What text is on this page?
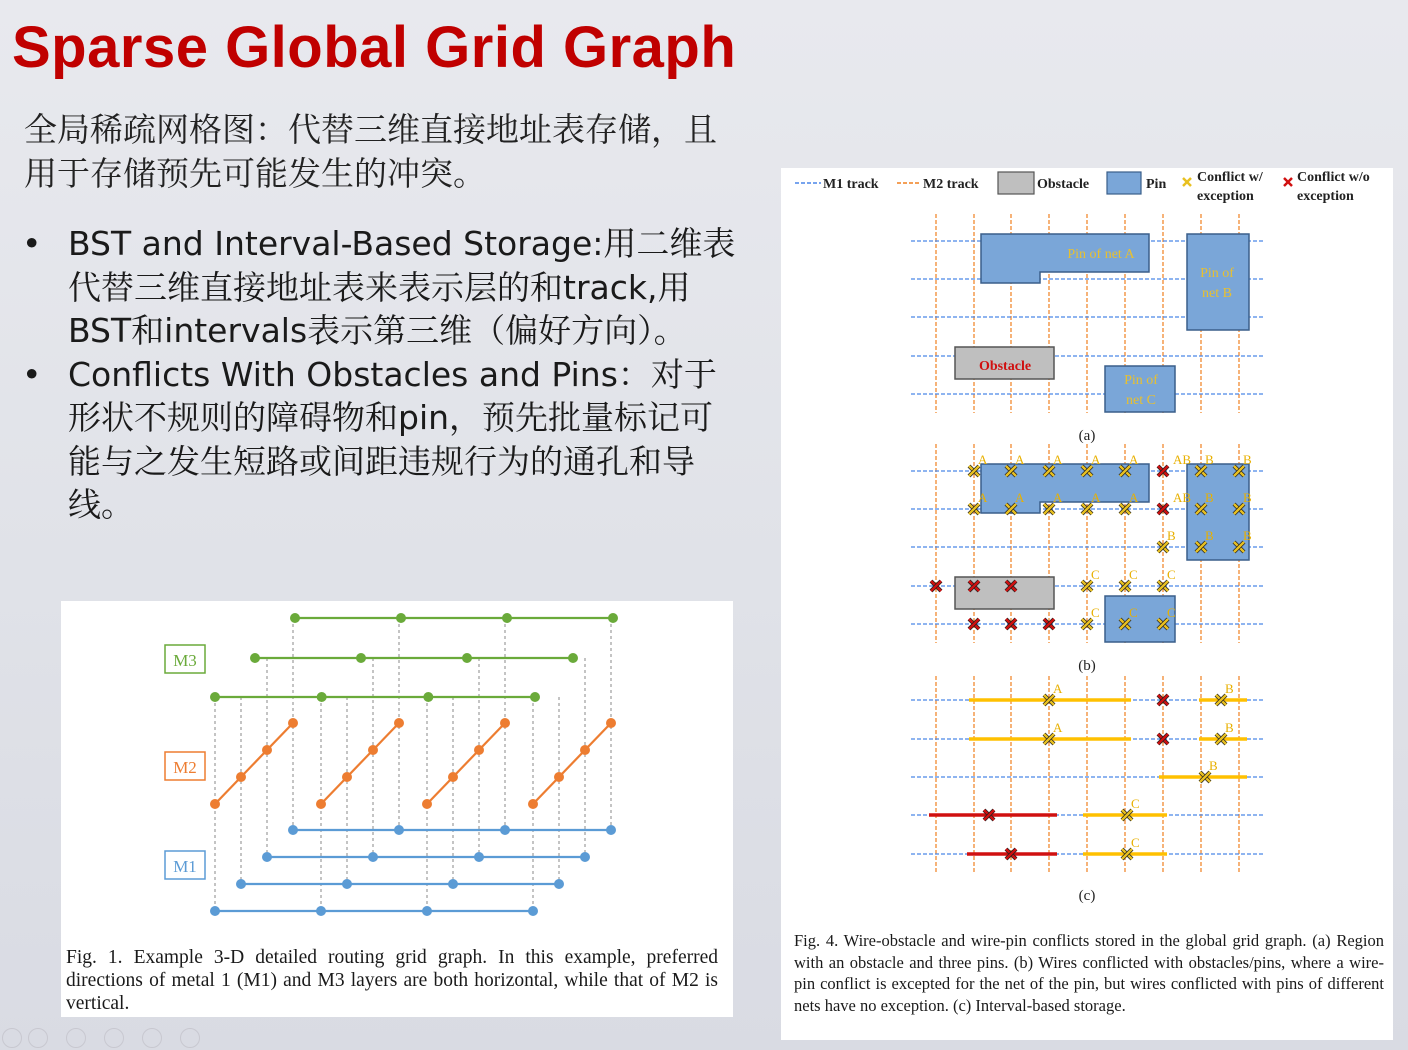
Sparse Global Grid Graph
全局稀疏网格图：代替三维直接地址表存储，且用于存储预先可能发生的冲突。
• BST and Interval-Based Storage:用二维表代替三维直接地址表来表示层的和track,用BST和intervals表示第三维（偏好方向）。
• Conflicts With Obstacles and Pins：对于形状不规则的障碍物和pin，预先批量标记可能与之发生短路或间距违规行为的通孔和导线。
M3
M2
M1
Fig. 1. Example 3-D detailed routing grid graph. In this example, preferred directions of metal 1 (M1) and M3 layers are both horizontal, while that of M2 is vertical.
M1 track	M2 track	Obstacle	Pin Conflict w/
exception
Conflict w/o
exception
A A A A A	AB B B
A A A A A	AB B B
B B B
C C C
C C C
A	B
A	B
B
C
C
Pin of net A
Pin of
net B
Obstacle
Pin of
net C
(a)
(b)
(c)
Fig. 4. Wire-obstacle and wire-pin conflicts stored in the global grid graph. (a) Region with an obstacle and three pins. (b) Wires conflicted with obstacles/pins, where a wire-pin conflict is excepted for the net of the pin, but wires conflicted with pins of different nets have no exception. (c) Interval-based storage.
